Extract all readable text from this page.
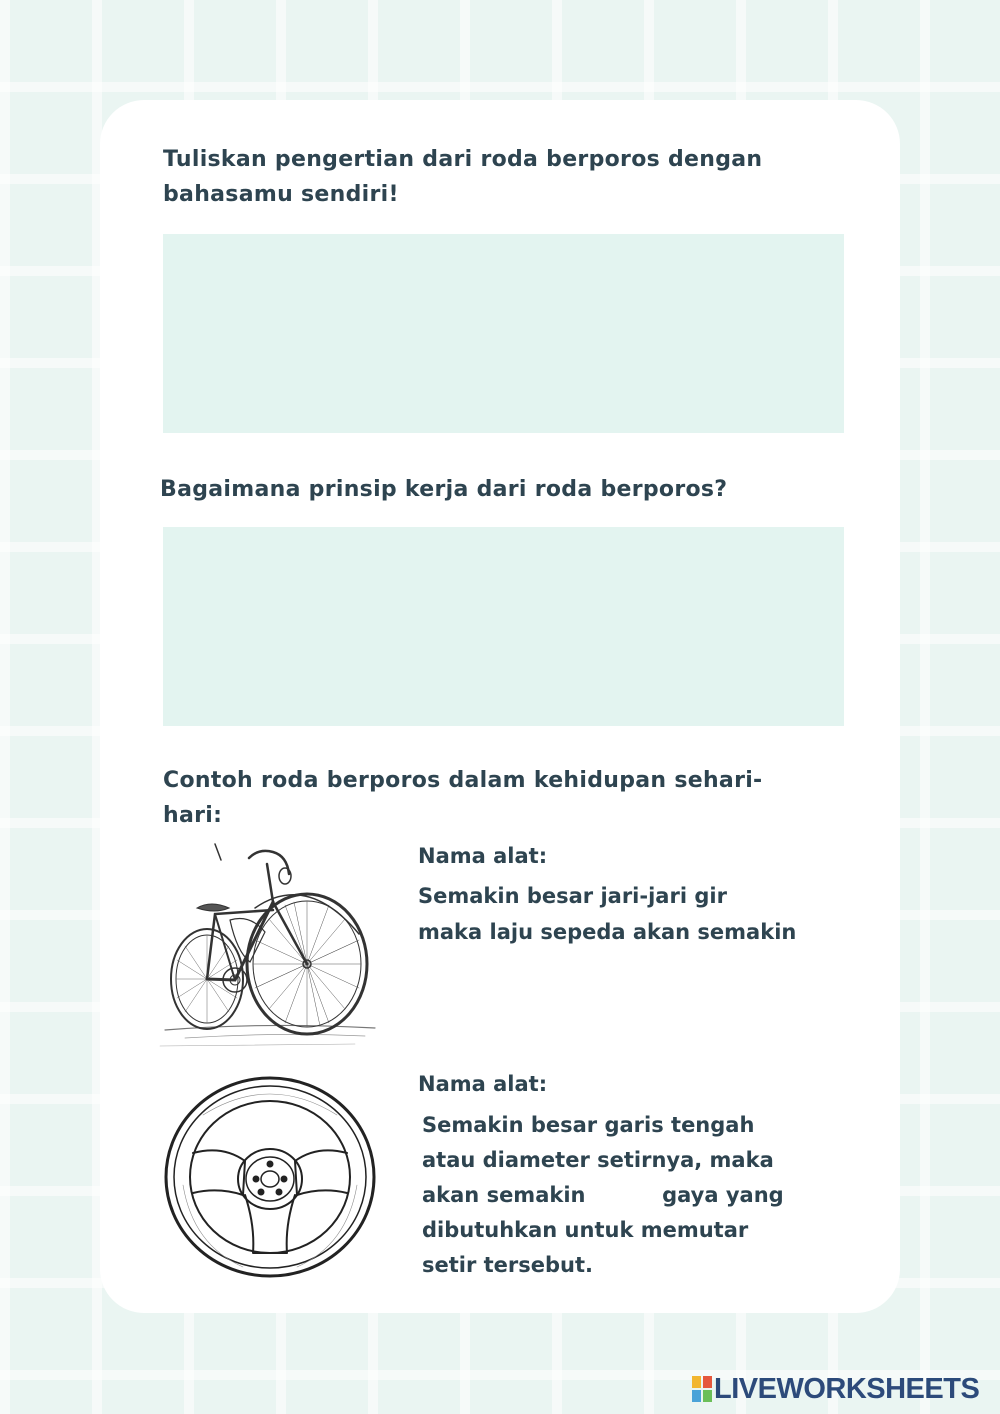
Tuliskan pengertian dari roda berporos dengan
bahasamu sendiri!
Bagaimana prinsip kerja dari roda berporos?
Contoh roda berporos dalam kehidupan sehari-
hari:
Nama alat:
Semakin besar jari-jari gir
maka laju sepeda akan semakin
Nama alat:
Semakin besar garis tengah
atau diameter setirnya, maka
akan semakin	gaya yang
dibutuhkan untuk memutar
setir tersebut.
LIVEWORKSHEETS
